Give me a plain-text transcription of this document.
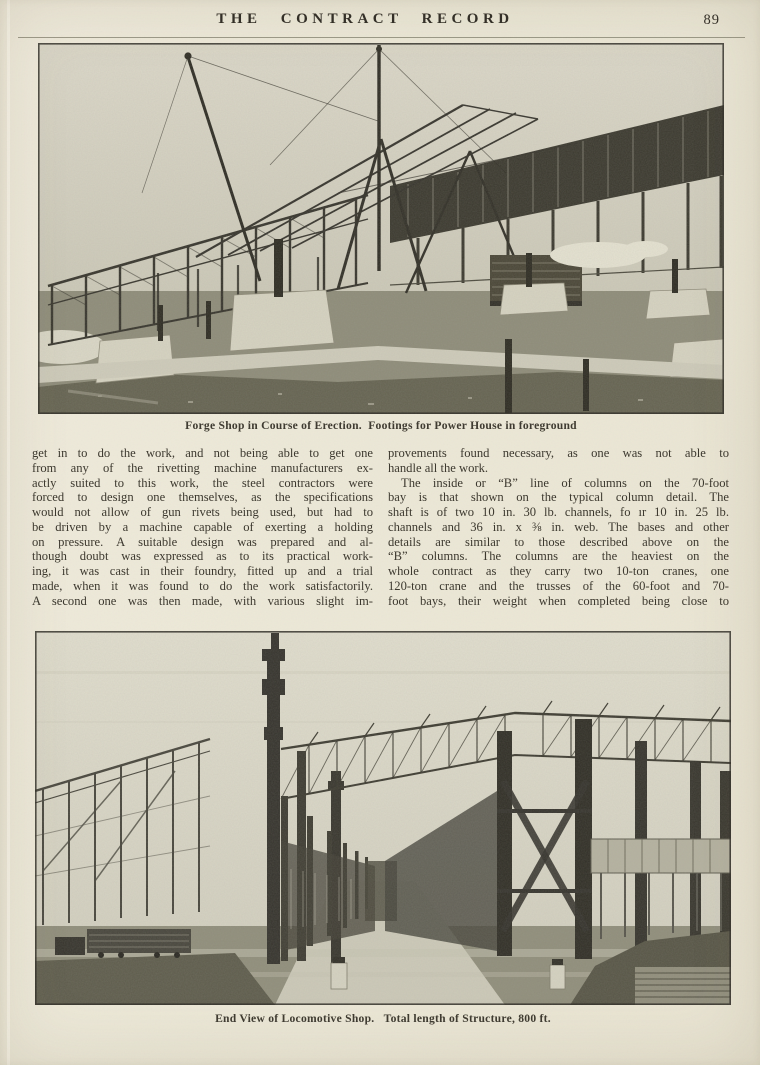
THE CONTRACT RECORD	89
Forge Shop in Course of Erection.  Footings for Power House in foreground
get in to do the work, and not being able to get one
from any of the rivetting machine manufacturers ex-
actly suited to this work, the steel contractors were
forced to design one themselves, as the specifications
would not allow of gun rivets being used, but had to
be driven by a machine capable of exerting a holding
on pressure. A suitable design was prepared and al-
though doubt was expressed as to its practical work-
ing, it was cast in their foundry, fitted up and a trial
made, when it was found to do the work satisfactorily.
A second one was then made, with various slight im-
provements found necessary, as one was not able to
handle all the work.
The inside or “B” line of columns on the 70-foot
bay is that shown on the typical column detail. The
shaft is of two 10 in. 30 lb. channels, fo ır 10 in. 25 lb.
channels and 36 in. x ⅜ in. web. The bases and other
details are similar to those described above on the
“B” columns. The columns are the heaviest on the
whole contract as they carry two 10-ton cranes, one
120-ton crane and the trusses of the 60-foot and 70-
foot bays, their weight when completed being close to
End View of Locomotive Shop.   Total length of Structure, 800 ft.
